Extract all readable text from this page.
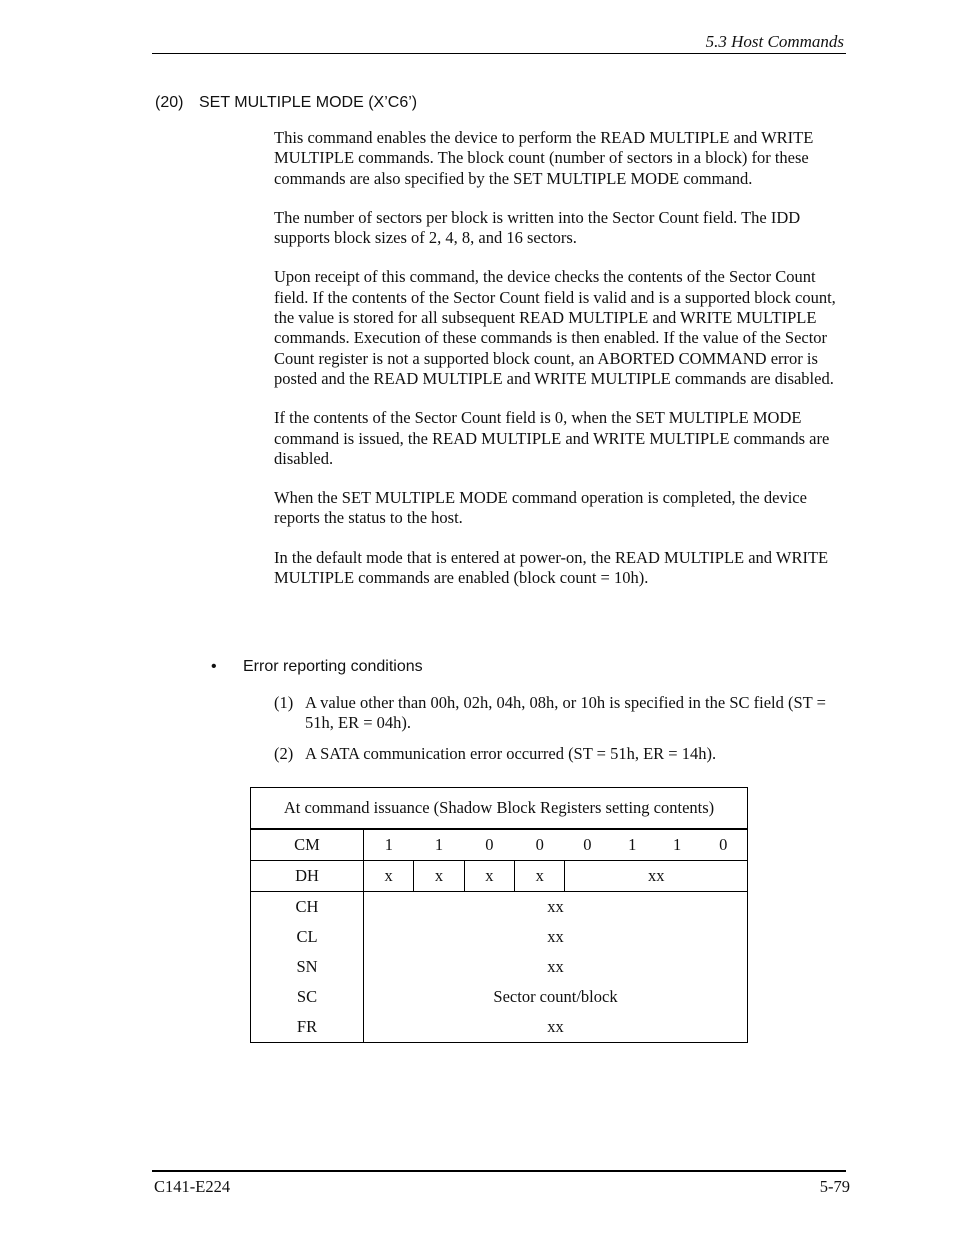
5.3 Host Commands
(20) SET MULTIPLE MODE (X’C6’)

This command enables the device to perform the READ MULTIPLE and WRITE MULTIPLE commands. The block count (number of sectors in a block) for these commands are also specified by the SET MULTIPLE MODE command.

The number of sectors per block is written into the Sector Count field. The IDD supports block sizes of 2, 4, 8, and 16 sectors.

Upon receipt of this command, the device checks the contents of the Sector Count field. If the contents of the Sector Count field is valid and is a supported block count, the value is stored for all subsequent READ MULTIPLE and WRITE MULTIPLE commands. Execution of these commands is then enabled. If the value of the Sector Count register is not a supported block count, an ABORTED COMMAND error is posted and the READ MULTIPLE and WRITE MULTIPLE commands are disabled.

If the contents of the Sector Count field is 0, when the SET MULTIPLE MODE command is issued, the READ MULTIPLE and WRITE MULTIPLE commands are disabled.

When the SET MULTIPLE MODE command operation is completed, the device reports the status to the host.

In the default mode that is entered at power-on, the READ MULTIPLE and WRITE MULTIPLE commands are enabled (block count = 10h).

• Error reporting conditions
(1) A value other than 00h, 02h, 04h, 08h, or 10h is specified in the SC field (ST = 51h, ER = 04h).
(2) A SATA communication error occurred (ST = 51h, ER = 14h).
At command issuance (Shadow Block Registers setting contents)								
CM	1	1	0	0	0	1	1	0
DH	x	x	x	x	xx			
CH	xx							
CL	xx							
SN	xx							
SC	Sector count/block							
FR	xx							
C141-E224	5-79
